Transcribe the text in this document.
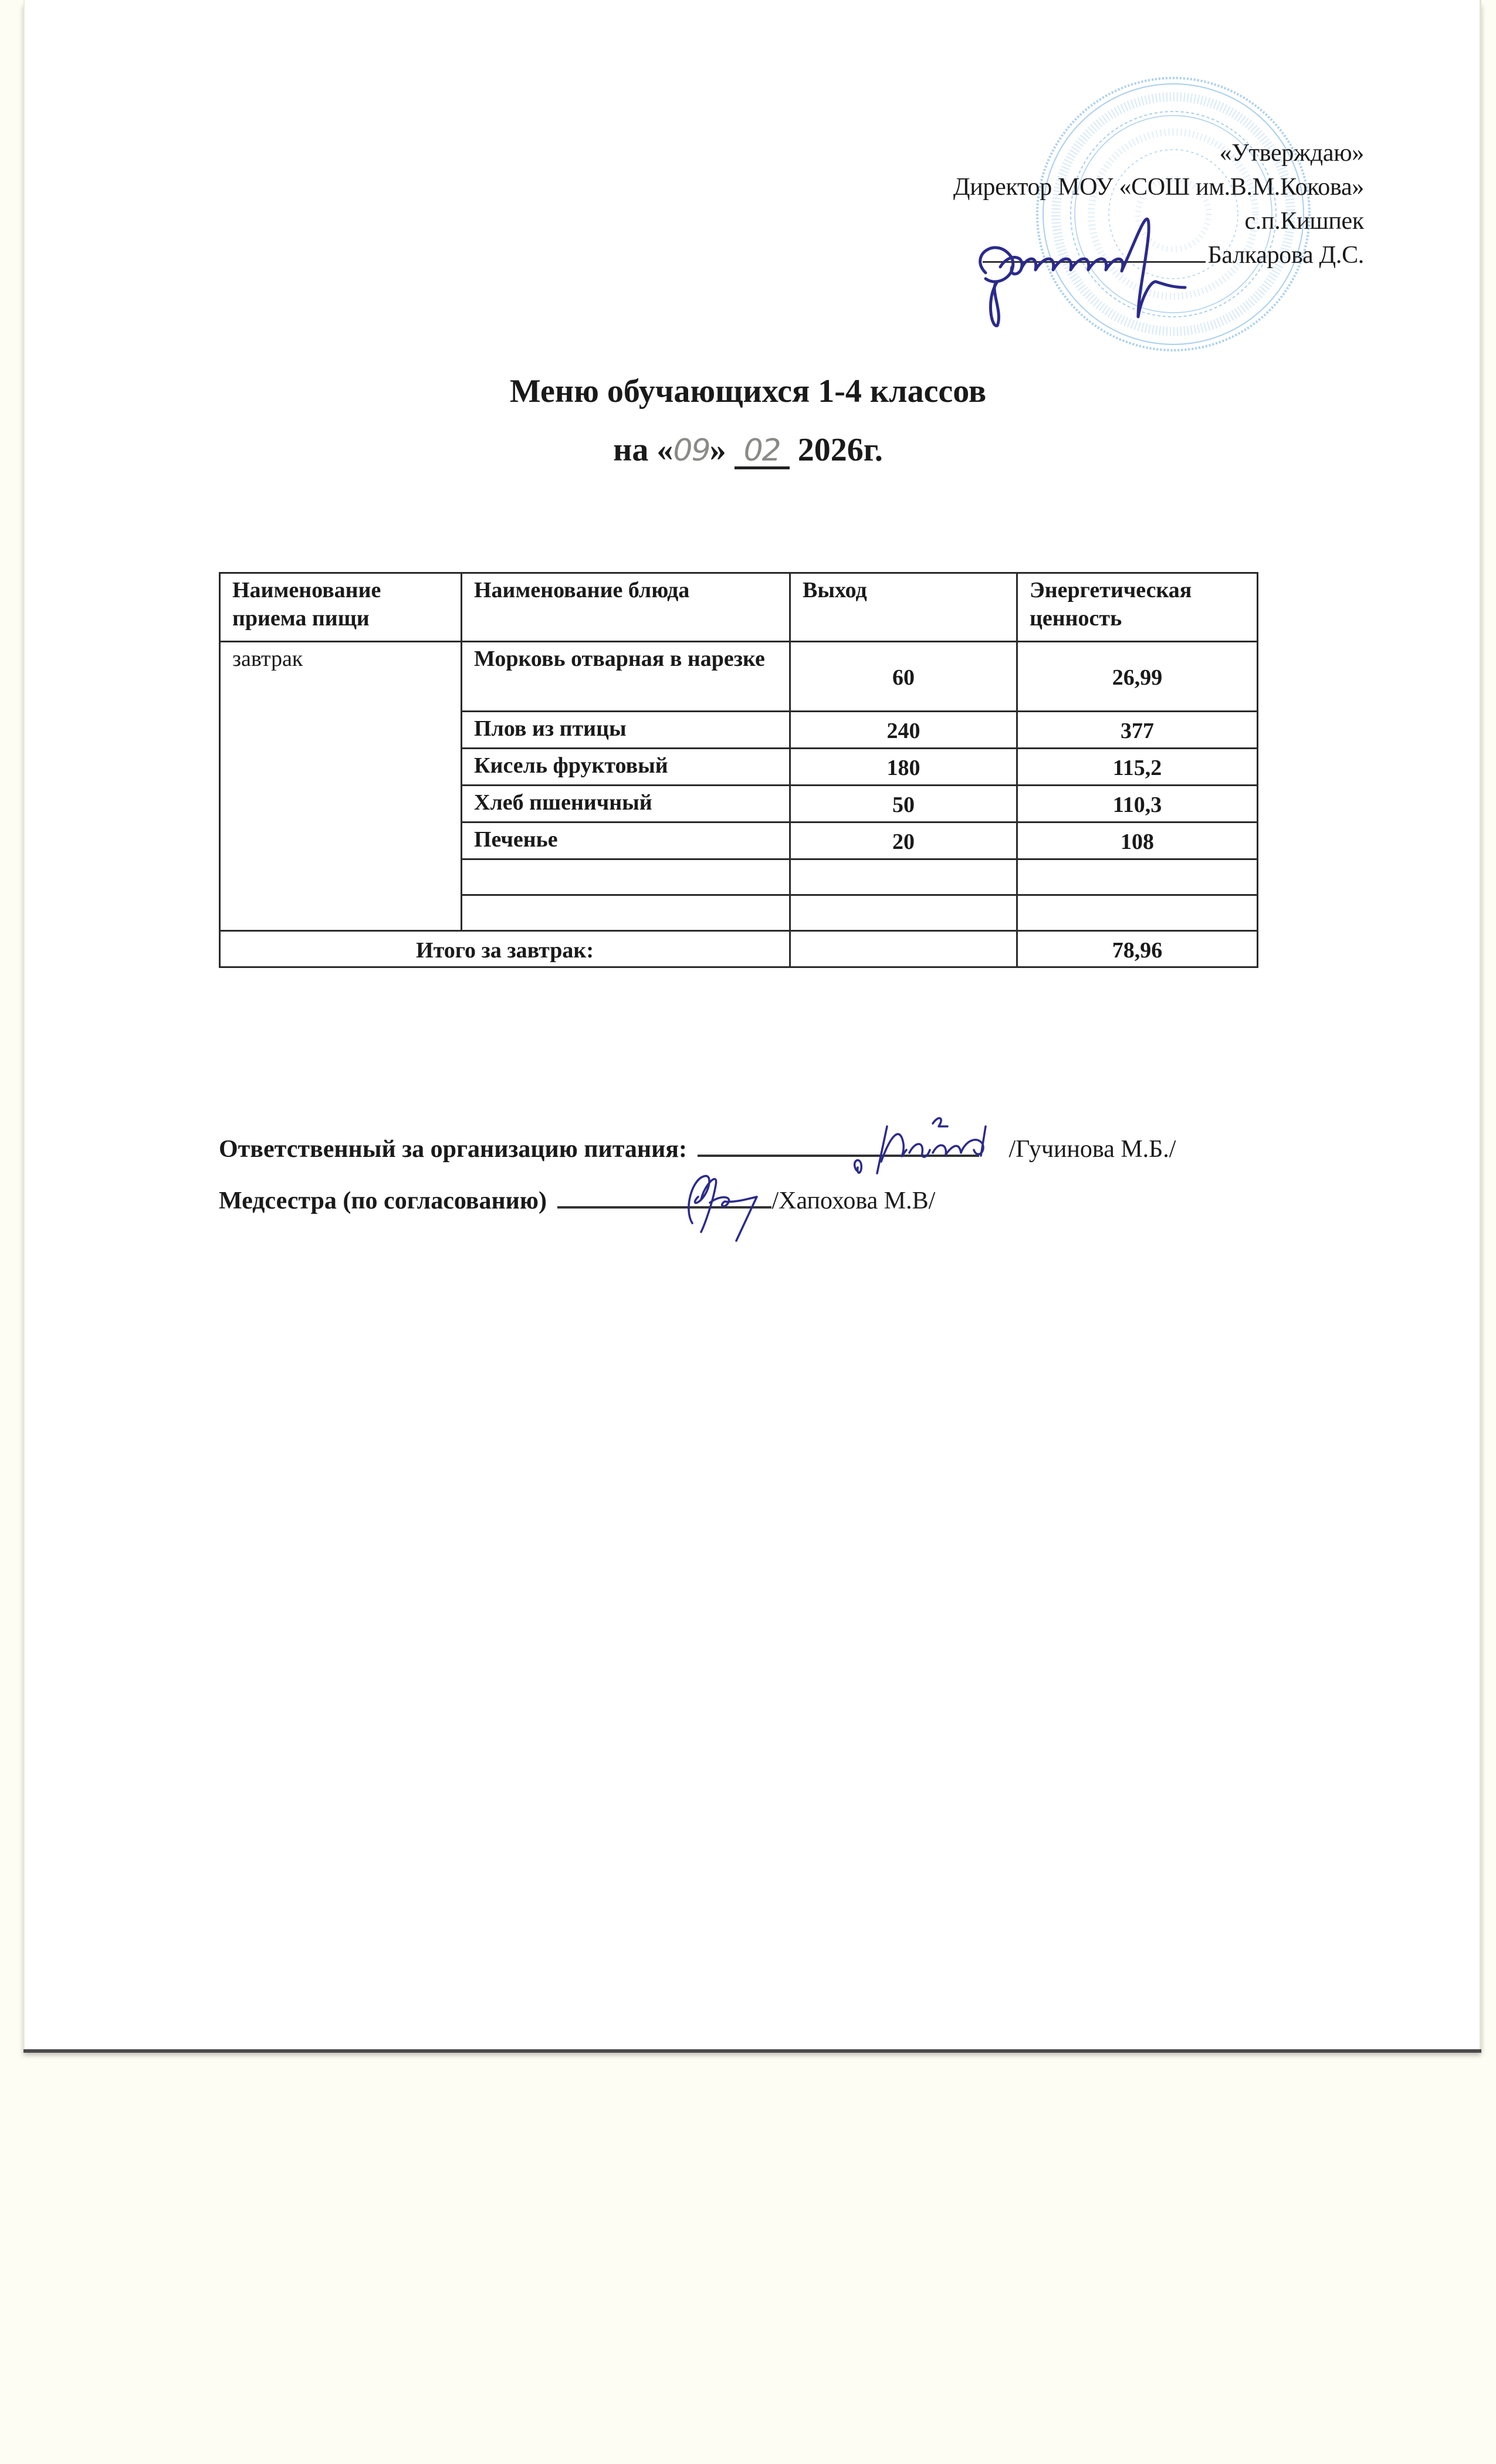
«Утверждаю»
Директор МОУ «СОШ им.В.М.Кокова»
с.п.Кишпек
Балкарова Д.С.
Меню обучающихся 1-4 классов
на «09» 02 2026г.
Наименование приема пищи	Наименование блюда	Выход	Энергетическая ценность
завтрак	Морковь отварная в нарезке	60	26,99
	Плов из птицы	240	377
	Кисель фруктовый	180	115,2
	Хлеб пшеничный	50	110,3
	Печенье	20	108

Итого за завтрак:			78,96
Ответственный за организацию питания:	/Гучинова М.Б./
Медсестра (по согласованию)	/Хапохова М.В/
